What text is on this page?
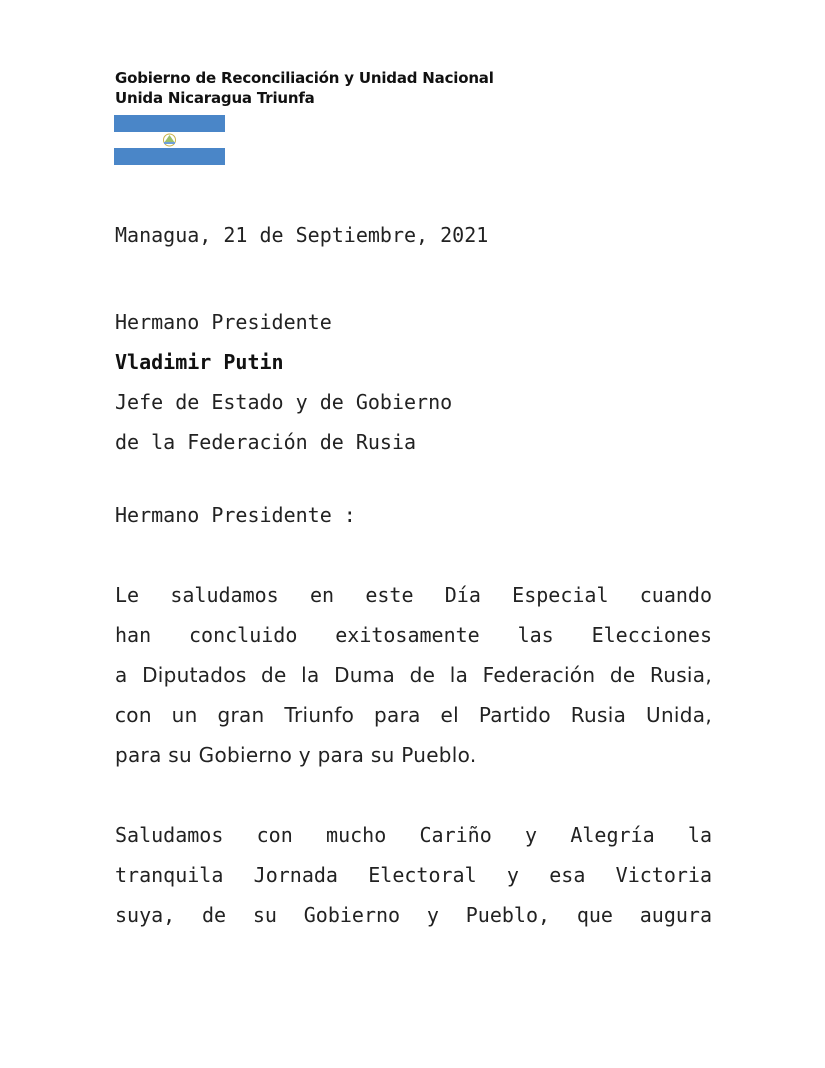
Gobierno de Reconciliación y Unidad Nacional
Unida Nicaragua Triunfa
Managua, 21 de Septiembre, 2021
Hermano Presidente
Vladimir Putin
Jefe de Estado y de Gobierno
de la Federación de Rusia
Hermano Presidente :
Le saludamos en este Día Especial cuando
han concluido exitosamente las Elecciones
a Diputados de la Duma de la Federación de Rusia,
con un gran Triunfo para el Partido Rusia Unida,
para su Gobierno y para su Pueblo.
Saludamos con mucho Cariño y Alegría la
tranquila Jornada Electoral y esa Victoria
suya, de su Gobierno y Pueblo, que augura
